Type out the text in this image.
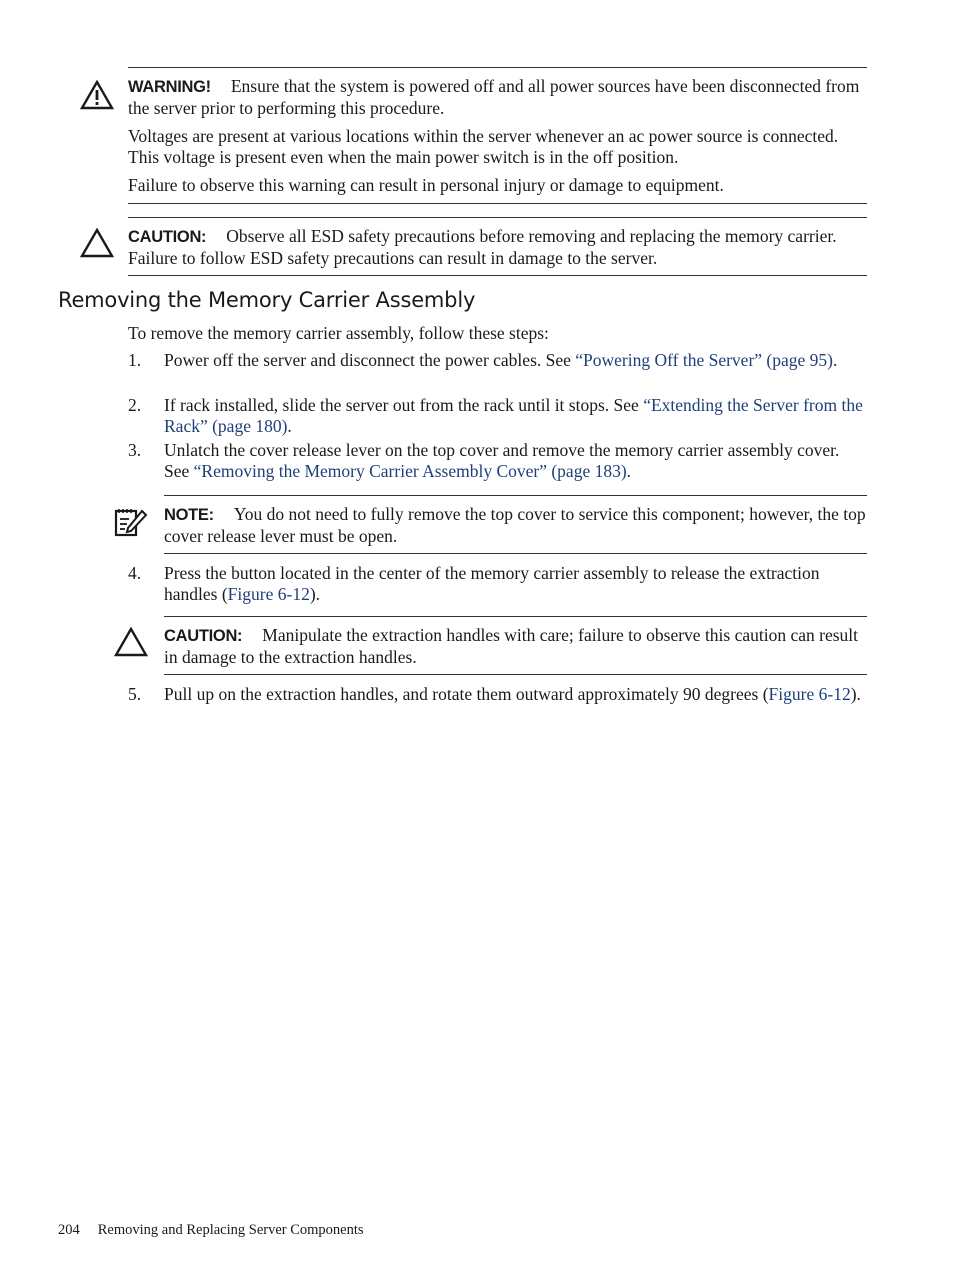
WARNING! Ensure that the system is powered off and all power sources have been disconnected from the server prior to performing this procedure.

Voltages are present at various locations within the server whenever an ac power source is connected. This voltage is present even when the main power switch is in the off position.

Failure to observe this warning can result in personal injury or damage to equipment.

CAUTION: Observe all ESD safety precautions before removing and replacing the memory carrier. Failure to follow ESD safety precautions can result in damage to the server.

Removing the Memory Carrier Assembly

To remove the memory carrier assembly, follow these steps:

1. Power off the server and disconnect the power cables. See “Powering Off the Server” (page 95).
2. If rack installed, slide the server out from the rack until it stops. See “Extending the Server from the Rack” (page 180).
3. Unlatch the cover release lever on the top cover and remove the memory carrier assembly cover. See “Removing the Memory Carrier Assembly Cover” (page 183).

NOTE: You do not need to fully remove the top cover to service this component; however, the top cover release lever must be open.

4. Press the button located in the center of the memory carrier assembly to release the extraction handles (Figure 6-12).

CAUTION: Manipulate the extraction handles with care; failure to observe this caution can result in damage to the extraction handles.

5. Pull up on the extraction handles, and rotate them outward approximately 90 degrees (Figure 6-12).
204 Removing and Replacing Server Components
